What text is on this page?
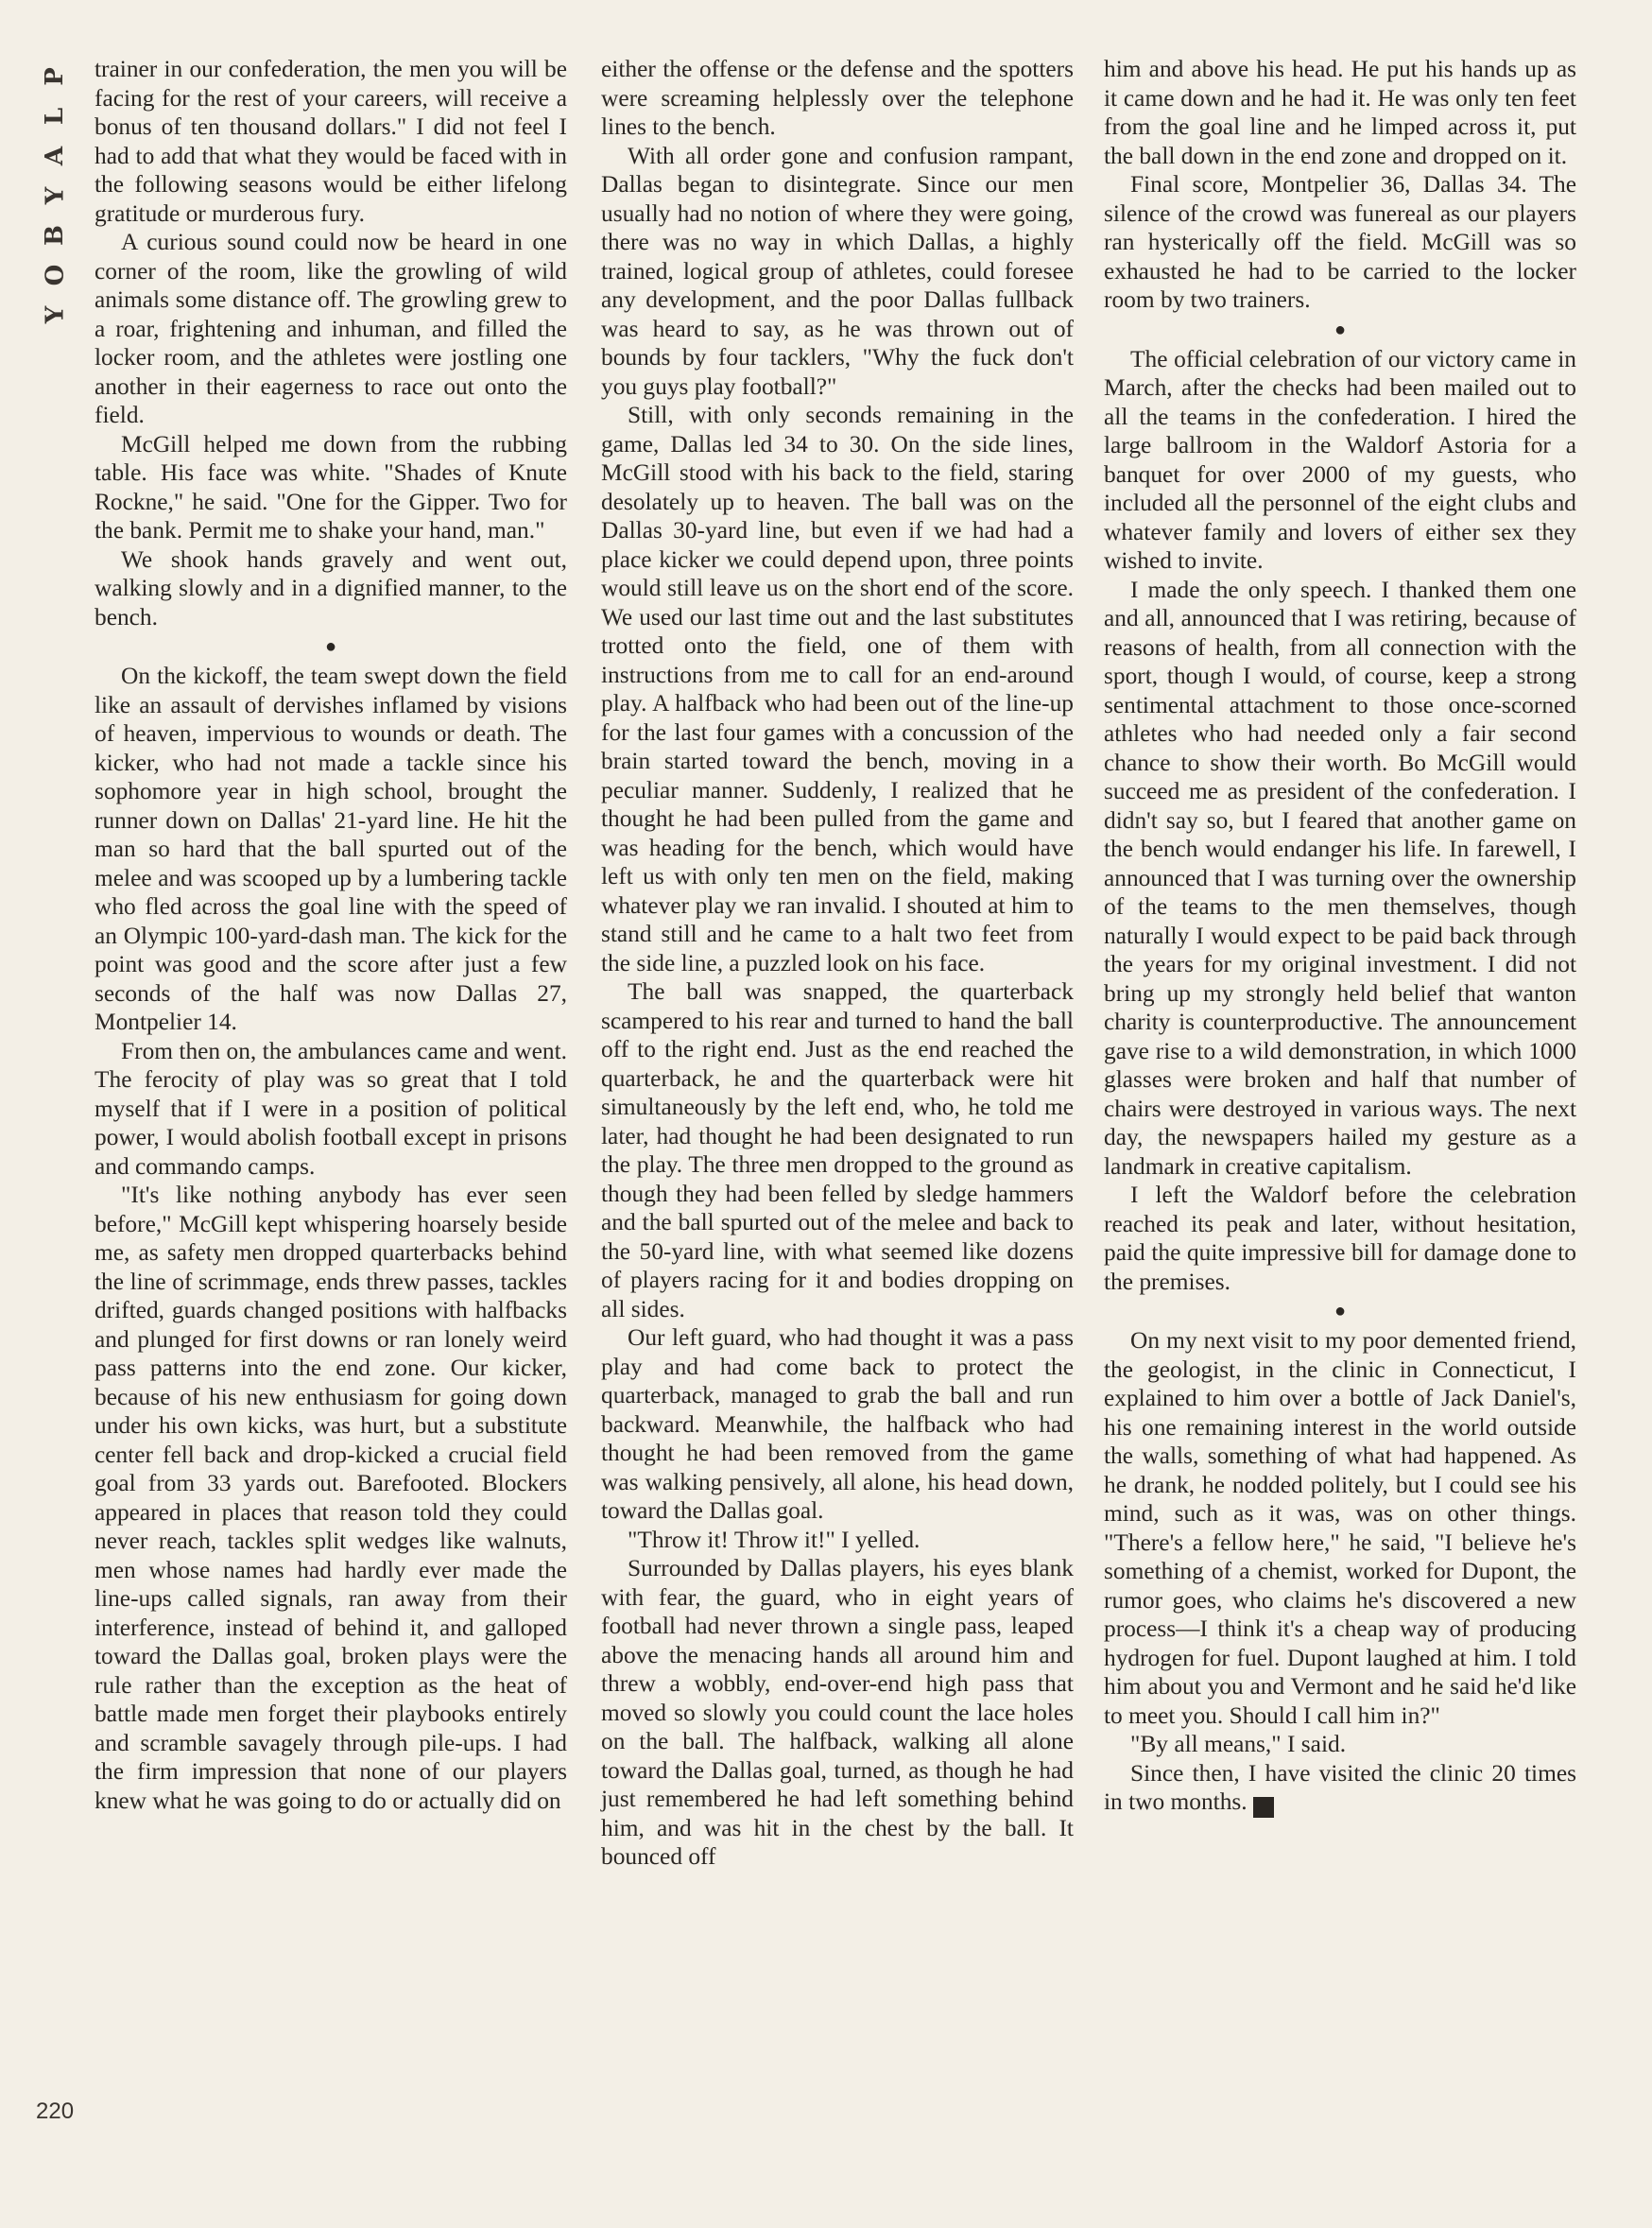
P
L
A
Y
B
O
Y

trainer in our confederation, the men you will be facing for the rest of your careers, will receive a bonus of ten thousand dollars." I did not feel I had to add that what they would be faced with in the following seasons would be either lifelong gratitude or murderous fury.

A curious sound could now be heard in one corner of the room, like the growling of wild animals some distance off. The growling grew to a roar, frightening and inhuman, and filled the locker room, and the athletes were jostling one another in their eagerness to race out onto the field.

McGill helped me down from the rubbing table. His face was white. "Shades of Knute Rockne," he said. "One for the Gipper. Two for the bank. Permit me to shake your hand, man."

We shook hands gravely and went out, walking slowly and in a dignified manner, to the bench.

●

On the kickoff, the team swept down the field like an assault of dervishes inflamed by visions of heaven, impervious to wounds or death. The kicker, who had not made a tackle since his sophomore year in high school, brought the runner down on Dallas' 21-yard line. He hit the man so hard that the ball spurted out of the melee and was scooped up by a lumbering tackle who fled across the goal line with the speed of an Olympic 100-yard-dash man. The kick for the point was good and the score after just a few seconds of the half was now Dallas 27, Montpelier 14.

From then on, the ambulances came and went. The ferocity of play was so great that I told myself that if I were in a position of political power, I would abolish football except in prisons and commando camps.

"It's like nothing anybody has ever seen before," McGill kept whispering hoarsely beside me, as safety men dropped quarterbacks behind the line of scrimmage, ends threw passes, tackles drifted, guards changed positions with halfbacks and plunged for first downs or ran lonely weird pass patterns into the end zone. Our kicker, because of his new enthusiasm for going down under his own kicks, was hurt, but a substitute center fell back and drop-kicked a crucial field goal from 33 yards out. Barefooted. Blockers appeared in places that reason told they could never reach, tackles split wedges like walnuts, men whose names had hardly ever made the line-ups called signals, ran away from their interference, instead of behind it, and galloped toward the Dallas goal, broken plays were the rule rather than the exception as the heat of battle made men forget their playbooks entirely and scramble savagely through pile-ups. I had the firm impression that none of our players knew what he was going to do or actually did on

either the offense or the defense and the spotters were screaming helplessly over the telephone lines to the bench.

With all order gone and confusion rampant, Dallas began to disintegrate. Since our men usually had no notion of where they were going, there was no way in which Dallas, a highly trained, logical group of athletes, could foresee any development, and the poor Dallas fullback was heard to say, as he was thrown out of bounds by four tacklers, "Why the fuck don't you guys play football?"

Still, with only seconds remaining in the game, Dallas led 34 to 30. On the side lines, McGill stood with his back to the field, staring desolately up to heaven. The ball was on the Dallas 30-yard line, but even if we had had a place kicker we could depend upon, three points would still leave us on the short end of the score. We used our last time out and the last substitutes trotted onto the field, one of them with instructions from me to call for an end-around play. A halfback who had been out of the line-up for the last four games with a concussion of the brain started toward the bench, moving in a peculiar manner. Suddenly, I realized that he thought he had been pulled from the game and was heading for the bench, which would have left us with only ten men on the field, making whatever play we ran invalid. I shouted at him to stand still and he came to a halt two feet from the side line, a puzzled look on his face.

The ball was snapped, the quarterback scampered to his rear and turned to hand the ball off to the right end. Just as the end reached the quarterback, he and the quarterback were hit simultaneously by the left end, who, he told me later, had thought he had been designated to run the play. The three men dropped to the ground as though they had been felled by sledge hammers and the ball spurted out of the melee and back to the 50-yard line, with what seemed like dozens of players racing for it and bodies dropping on all sides.

Our left guard, who had thought it was a pass play and had come back to protect the quarterback, managed to grab the ball and run backward. Meanwhile, the halfback who had thought he had been removed from the game was walking pensively, all alone, his head down, toward the Dallas goal.

"Throw it! Throw it!" I yelled.

Surrounded by Dallas players, his eyes blank with fear, the guard, who in eight years of football had never thrown a single pass, leaped above the menacing hands all around him and threw a wobbly, end-over-end high pass that moved so slowly you could count the lace holes on the ball. The halfback, walking all alone toward the Dallas goal, turned, as though he had just remembered he had left something behind him, and was hit in the chest by the ball. It bounced off

him and above his head. He put his hands up as it came down and he had it. He was only ten feet from the goal line and he limped across it, put the ball down in the end zone and dropped on it.

Final score, Montpelier 36, Dallas 34. The silence of the crowd was funereal as our players ran hysterically off the field. McGill was so exhausted he had to be carried to the locker room by two trainers.

●

The official celebration of our victory came in March, after the checks had been mailed out to all the teams in the confederation. I hired the large ballroom in the Waldorf Astoria for a banquet for over 2000 of my guests, who included all the personnel of the eight clubs and whatever family and lovers of either sex they wished to invite.

I made the only speech. I thanked them one and all, announced that I was retiring, because of reasons of health, from all connection with the sport, though I would, of course, keep a strong sentimental attachment to those once-scorned athletes who had needed only a fair second chance to show their worth. Bo McGill would succeed me as president of the confederation. I didn't say so, but I feared that another game on the bench would endanger his life. In farewell, I announced that I was turning over the ownership of the teams to the men themselves, though naturally I would expect to be paid back through the years for my original investment. I did not bring up my strongly held belief that wanton charity is counterproductive. The announcement gave rise to a wild demonstration, in which 1000 glasses were broken and half that number of chairs were destroyed in various ways. The next day, the newspapers hailed my gesture as a landmark in creative capitalism.

I left the Waldorf before the celebration reached its peak and later, without hesitation, paid the quite impressive bill for damage done to the premises.

●

On my next visit to my poor demented friend, the geologist, in the clinic in Connecticut, I explained to him over a bottle of Jack Daniel's, his one remaining interest in the world outside the walls, something of what had happened. As he drank, he nodded politely, but I could see his mind, such as it was, was on other things. "There's a fellow here," he said, "I believe he's something of a chemist, worked for Dupont, the rumor goes, who claims he's discovered a new process—I think it's a cheap way of producing hydrogen for fuel. Dupont laughed at him. I told him about you and Vermont and he said he'd like to meet you. Should I call him in?"

"By all means," I said.

Since then, I have visited the clinic 20 times in two months. ♠

220
